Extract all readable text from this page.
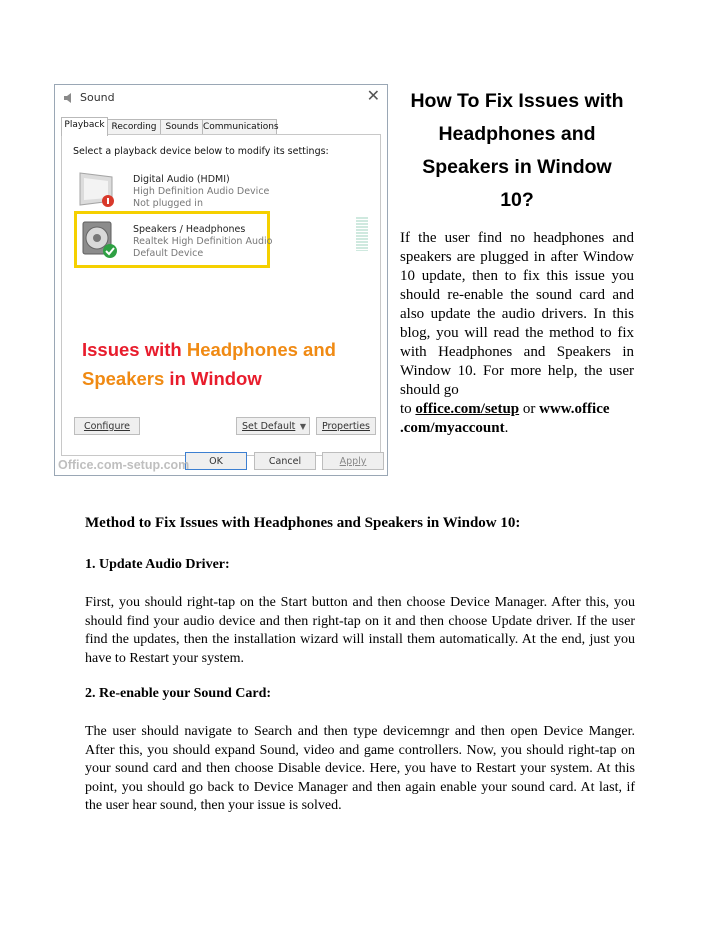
Sound	✕
Playback Recording Sounds Communications
Select a playback device below to modify its settings:
Digital Audio (HDMI)
High Definition Audio Device
Not plugged in
Speakers / Headphones
Realtek High Definition Audio
Default Device
Issues with Headphones and
Speakers in Window
Configure	Set Default ▼	Properties
OK	Cancel	Apply
Office.com-setup.com
How To Fix Issues with
Headphones and
Speakers in Window
10?
If the user find no headphones and speakers are plugged in after Window 10 update, then to fix this issue you should re-enable the sound card and also update the audio drivers. In this blog, you will read the method to fix with Headphones and Speakers in Window 10. For more help, the user should go
to office.com/setup or www.office
.com/myaccount.
Method to Fix Issues with Headphones and Speakers in Window 10:
1. Update Audio Driver:
First, you should right-tap on the Start button and then choose Device Manager. After this, you should find your audio device and then right-tap on it and then choose Update driver. If the user find the updates, then the installation wizard will install them automatically. At the end, just you have to Restart your system.
2. Re-enable your Sound Card:
The user should navigate to Search and then type devicemngr and then open Device Manger. After this, you should expand Sound, video and game controllers. Now, you should right-tap on your sound card and then choose Disable device. Here, you have to Restart your system. At this point, you should go back to Device Manager and then again enable your sound card. At last, if the user hear sound, then your issue is solved.
